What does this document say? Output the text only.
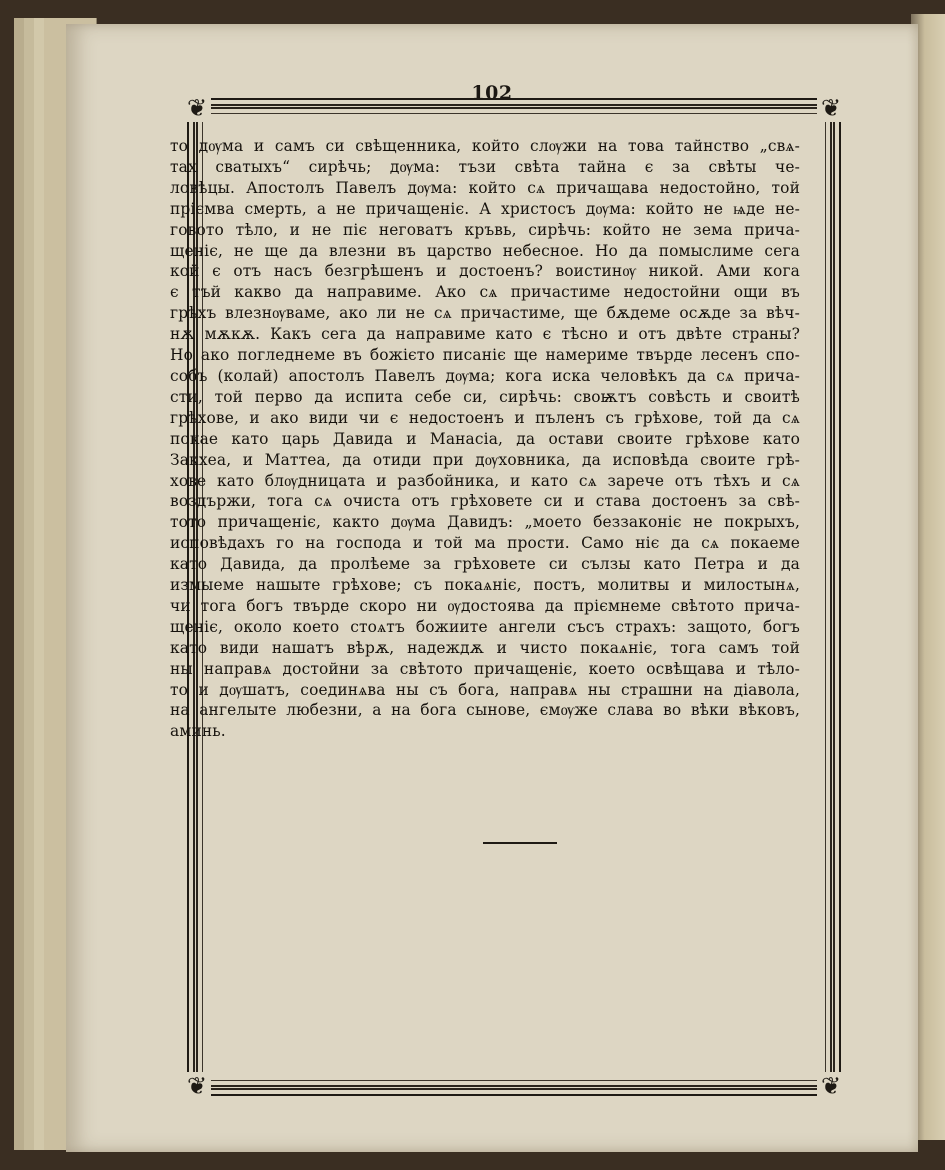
102
❦	❦
❦	❦
то дѹма и самъ си свѣщенника, който слѹжи на това тайнство „свѧ-
тах сватыхъ“ сирѣчь; дѹма: тъзи свѣта тайна є за свѣты че-
ловѣцы. Апостолъ Павелъ дѹма: който сѧ причащава недостойно, той
пріємва смерть, а не причащеніє. А христосъ дѹма: който не ѩде не-
говото тѣло, и не піє неговатъ кръвь, сирѣчь: който не зема прича-
щеніє, не ще да влезни въ царство небесное. Но да помыслиме сега
кой є отъ насъ безгрѣшенъ и достоенъ? воистинѹ никой. Ами кога
є тъй какво да направиме. Ако сѧ причастиме недостойни ощи въ
грѣхъ влезнѹваме, ако ли не сѧ причастиме, ще бѫдеме осѫде за вѣч-
нѫ мѫкѫ. Какъ сега да направиме като є тѣсно и отъ двѣте страны?
Но ако погледнеме въ божієто писаніє ще намериме твърде лесенъ спо-
собъ (колай) апостолъ Павелъ дѹма; кога иска человѣкъ да сѧ прича-
сти, той перво да испита себе си, сирѣчь: своѭтъ совѣсть и своитѣ
грѣхове, и ако види чи є недостоенъ и пъленъ съ грѣхове, той да сѧ
покае като царь Давида и Манасіа, да остави своите грѣхове като
Закхеа, и Маттеа, да отиди при дѹховника, да исповѣда своите грѣ-
хове като блѹдницата и разбойника, и като сѧ зарече отъ тѣхъ и сѧ
воздържи, тога сѧ очиста отъ грѣховете си и става достоенъ за свѣ-
тото причащеніє, както дѹма Давидъ: „моето беззаконіє не покрыхъ,
исповѣдахъ го на господа и той ма прости. Само ніє да сѧ покаеме
като Давида, да пролѣеме за грѣховете си сълзы като Петра и да
измыеме нашыте грѣхове; съ покаѧніє, постъ, молитвы и милостынѧ,
чи тога богъ твърде скоро ни ѹдостоява да пріємнеме свѣтото прича-
щеніє, около което стоѧтъ божиите ангели съсъ страхъ: защото, богъ
като види нашатъ вѣрѫ, надеждѫ и чисто покаѧніє, тога самъ той
ны направѧ достойни за свѣтото причащеніє, което освѣщава и тѣло-
то и дѹшатъ, соединѧва ны съ бога, направѧ ны страшни на діавола,
на ангелыте любезни, а на бога сынове, ємѹже слава во вѣки вѣковъ,
аминь.
